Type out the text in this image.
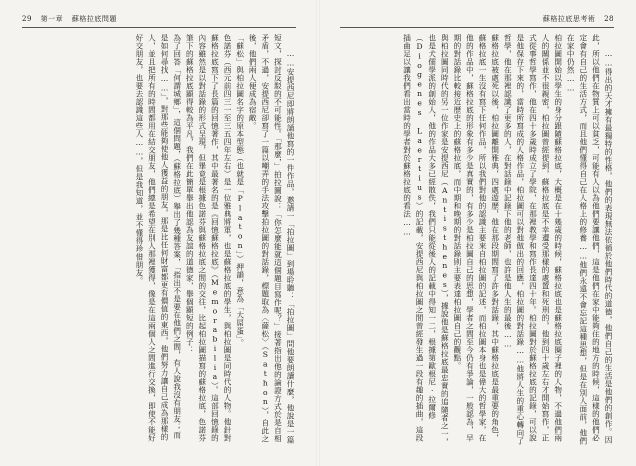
29 第一章 蘇格拉底問題

……安提西尼即將朗誦他寫的一件作品，邀請一「拍拉圖」到場聆聽：「拍拉圖」問他要朗讀什麼，他說是一篇短文，探討反駁的不可能性。「那麼，」拍拉圖說：「你怎麼能就這個題目寫作呢？」接著指出他的論證方式於是自相矛盾，不過，安提西尼卻寫了一篇以嘲弄的手法攻擊拍拉圖的對話錄，標題取為〈薩松〉（Sathon），自此之後，他們兩人便成為宿敵。
「蘇松」與柏拉圖名字的原本型態（也就是「Platon」）押韻，意為「大屌蛋」。
色諾芬（西元前四三一至三五四年左右）是一位雅典將軍，也是蘇格拉底的學生，與柏拉圖是同時代的人物。他針對蘇格拉底寫下了長篇的回憶著作，其中最著名的是《回憶蘇格拉底》（Memorabilia）。這部回憶錄的內容雖然是以對話錄的形式呈現，但畢竟是根據色諾芬與蘇格拉底之間的交往，比起柏拉圖描寫的蘇格拉底，色諾芬筆下的蘇格拉底顯得較為平凡，我們在此簡單舉出他認為友誼的道德家，舉個顯短的例子：
為了回答「何謂城鄉」，這個問題，（蘇格拉底）舉出了幾種答案，「指出不是要在他們之間，有人說我沒有朋友；而是如何尋找……」，對那些能夠使他人獲益的朋友，那是比任何財富都更有價值的東西，他們努力讓自己成為那樣的人，並且把所有的時間都用在結交朋友，他們總是希望在別人那裡獲得，像是在這兩個人之間進行交換，即使不能好好交朋友，也要去認識這些人……，但是我知道，並不懂得珍惜朋友。

蘇格拉底思考術 28

……得出的天才擁有最獨特的性格，他們的表現無法依循於他們時代的道德，他們自己的生活是他們的創作。因此，所以他們在物質上可以貧乏，可能有人以為他們要讓他們，這是他們在家中能夠住的地方的時候，這樣的他們必定會有自己的生活方式，而且他們懂得自己在人格上的修養……他們永遠不會忘記這種思想，但是在別人面前，他們在家中仍然……
柏拉圖開始以學生的身分跟隨蘇格拉底，大概是在十幾歲的時候，蘇格拉底也是蘇格拉底圈子裡的人物，不過他們兩人的關係並不很親密，柏拉圖曾經提到，蘇格拉底是不幸遭受那樣的處置和死刑的，他到四十歲左右才開始寫作，正式從事哲學寫作，他在四十多歲時成立了學院，在那裡教學和寫作長達四十年。柏拉圖對於蘇格拉底的記錄，可以說是他保存下來的，當時所寫成的人格作品，柏拉圖可以對他做出的回應，柏拉圖的對話錄……他將人生的重心轉向了哲學，他在那裡認識了更多的人，在對話錄中記錄下他的老師，也許是他人生的最後……
蘇格拉底被處死以後，柏拉圖離開雅典，四處遊歷，他在那段期間寫了許多對話錄，其中蘇格拉底是最重要的角色，蘇格拉底一生沒有寫下任何作品，所以我們對他的認識主要來自柏拉圖的記述，而柏拉圖本身也是偉大的哲學家，在他的作品中，蘇格拉底的形象有多少是真實的，有多少是柏拉圖自己的思想，學者之間至今仍有爭論，一般認為，早期的對話錄比較接近歷史上的蘇格拉底，而中期和晚期的對話錄則主要表達柏拉圖自己的觀點。
與柏拉圖同時代的另一位作家是安提西尼（Antisthenes），據說他是蘇格拉底最忠實的追隨者之一，也是犬儒學派的創始人，他的作品大多已經散佚，我們只能從後人的記載中得知一二，根據第歐根尼·拉爾修（Diogenes Laertius）的記載，安提西尼與柏拉圖之間曾經發生過一段有趣的插曲，這段插曲足以讓我們看出當時的學者對於蘇格拉底的看法……
